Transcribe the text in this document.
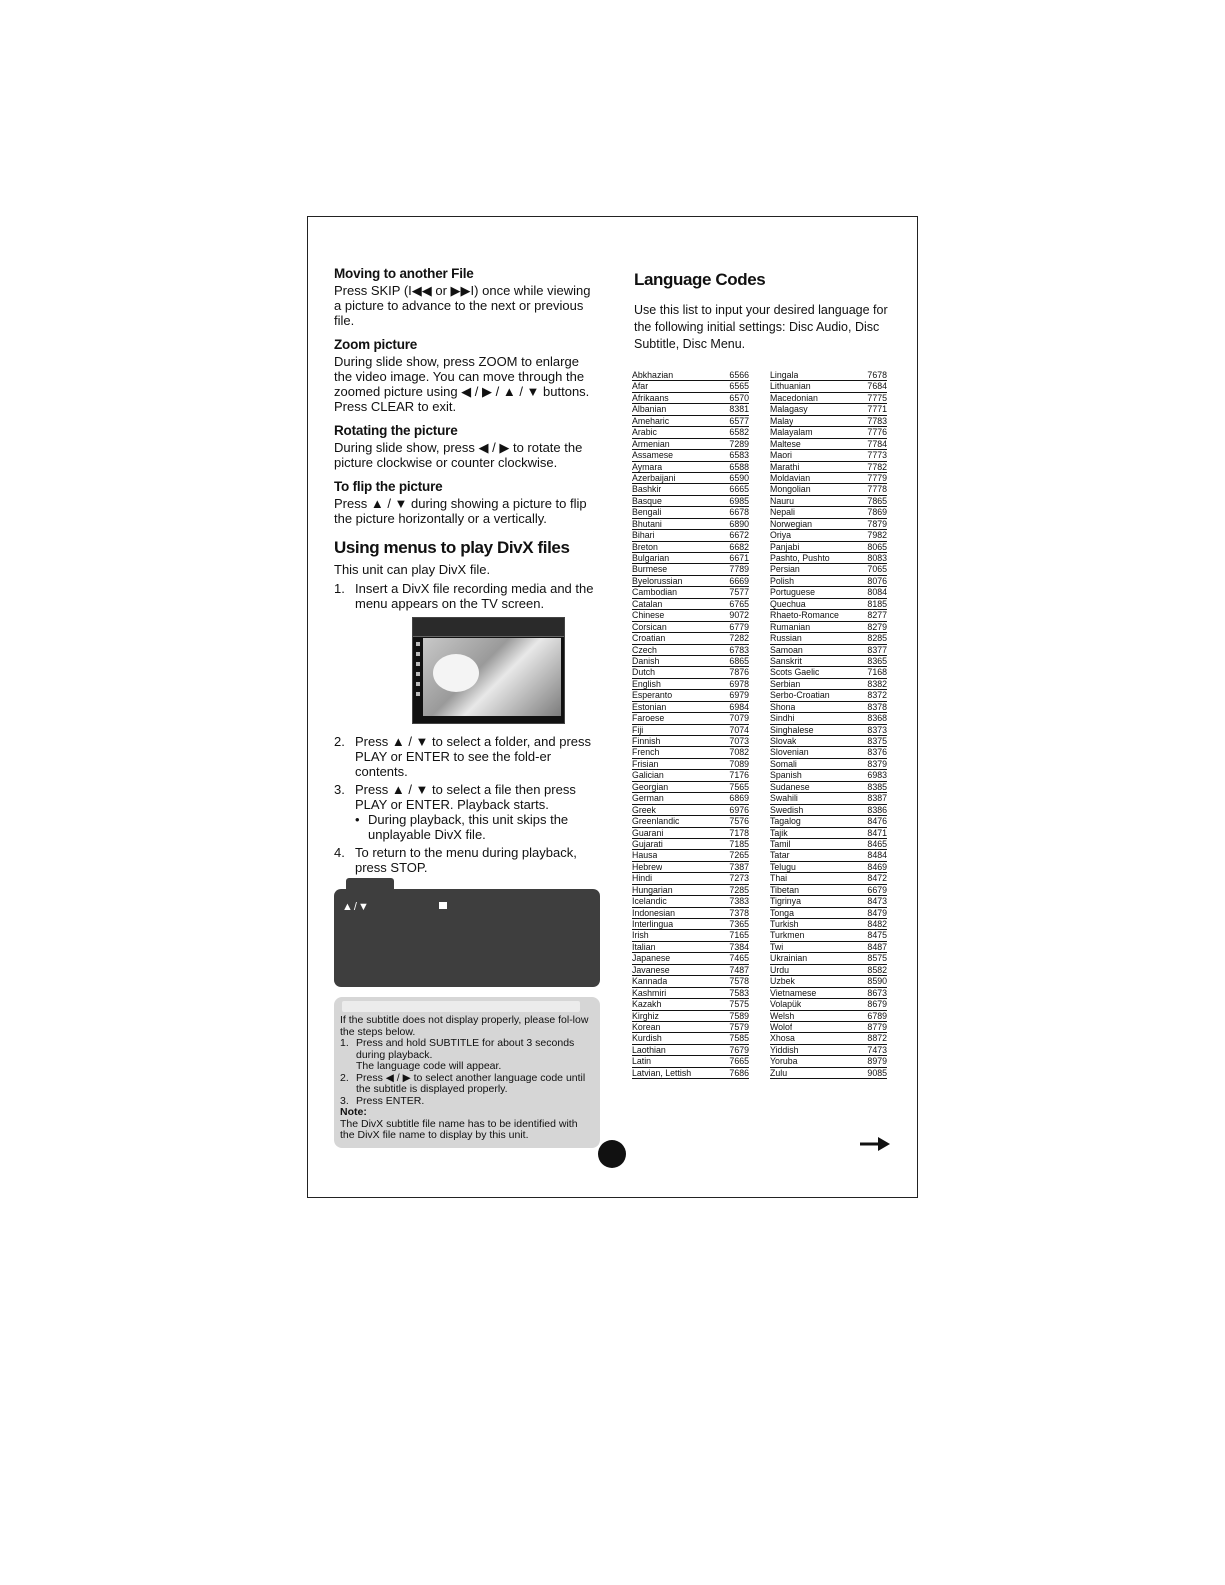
Moving to another File

Press SKIP (I◀◀ or ▶▶I) once while viewing a picture to advance to the next or previous file.

Zoom picture

During slide show, press ZOOM to enlarge the video image. You can move through the zoomed picture using ◀ / ▶ / ▲ / ▼ buttons. Press CLEAR to exit.

Rotating the picture

During slide show, press ◀ / ▶ to rotate the picture clockwise or counter clockwise.

To flip the picture

Press ▲ / ▼ during showing a picture to flip the picture horizontally or a vertically.

Using menus to play DivX files

This unit can play DivX file.

1. Insert a DivX file recording media and the menu appears on the TV screen.
2. Press ▲ / ▼ to select a folder, and press PLAY or ENTER to see the fold-er contents.
3. Press ▲ / ▼ to select a file then press PLAY or ENTER. Playback starts.
• During playback, this unit skips the unplayable DivX file.
4. To return to the menu during playback, press STOP.
▲/▼
If the subtitle does not display properly, please fol-low the steps below.
1. Press and hold SUBTITLE for about 3 seconds during playback.
The language code will appear.
2. Press ◀ / ▶ to select another language code until the subtitle is displayed properly.
3. Press ENTER.
Note:
The DivX subtitle file name has to be identified with the DivX file name to display by this unit.
Language Codes

Use this list to input your desired language for the following initial settings: Disc Audio, Disc Subtitle, Disc Menu.

Abkhazian	6566
Afar	6565
Afrikaans	6570
Albanian	8381
Ameharic	6577
Arabic	6582
Armenian	7289
Assamese	6583
Aymara	6588
Azerbaijani	6590
Bashkir	6665
Basque	6985
Bengali	6678
Bhutani	6890
Bihari	6672
Breton	6682
Bulgarian	6671
Burmese	7789
Byelorussian	6669
Cambodian	7577
Catalan	6765
Chinese	9072
Corsican	6779
Croatian	7282
Czech	6783
Danish	6865
Dutch	7876
English	6978
Esperanto	6979
Estonian	6984
Faroese	7079
Fiji	7074
Finnish	7073
French	7082
Frisian	7089
Galician	7176
Georgian	7565
German	6869
Greek	6976
Greenlandic	7576
Guarani	7178
Gujarati	7185
Hausa	7265
Hebrew	7387
Hindi	7273
Hungarian	7285
Icelandic	7383
Indonesian	7378
Interlingua	7365
Irish	7165
Italian	7384
Japanese	7465
Javanese	7487
Kannada	7578
Kashmiri	7583
Kazakh	7575
Kirghiz	7589
Korean	7579
Kurdish	7585
Laothian	7679
Latin	7665
Latvian, Lettish	7686
Lingala	7678
Lithuanian	7684
Macedonian	7775
Malagasy	7771
Malay	7783
Malayalam	7776
Maltese	7784
Maori	7773
Marathi	7782
Moldavian	7779
Mongolian	7778
Nauru	7865
Nepali	7869
Norwegian	7879
Oriya	7982
Panjabi	8065
Pashto, Pushto	8083
Persian	7065
Polish	8076
Portuguese	8084
Quechua	8185
Rhaeto-Romance	8277
Rumanian	8279
Russian	8285
Samoan	8377
Sanskrit	8365
Scots Gaelic	7168
Serbian	8382
Serbo-Croatian	8372
Shona	8378
Sindhi	8368
Singhalese	8373
Slovak	8375
Slovenian	8376
Somali	8379
Spanish	6983
Sudanese	8385
Swahili	8387
Swedish	8386
Tagalog	8476
Tajik	8471
Tamil	8465
Tatar	8484
Telugu	8469
Thai	8472
Tibetan	6679
Tigrinya	8473
Tonga	8479
Turkish	8482
Turkmen	8475
Twi	8487
Ukrainian	8575
Urdu	8582
Uzbek	8590
Vietnamese	8673
Volapük	8679
Welsh	6789
Wolof	8779
Xhosa	8872
Yiddish	7473
Yoruba	8979
Zulu	9085
